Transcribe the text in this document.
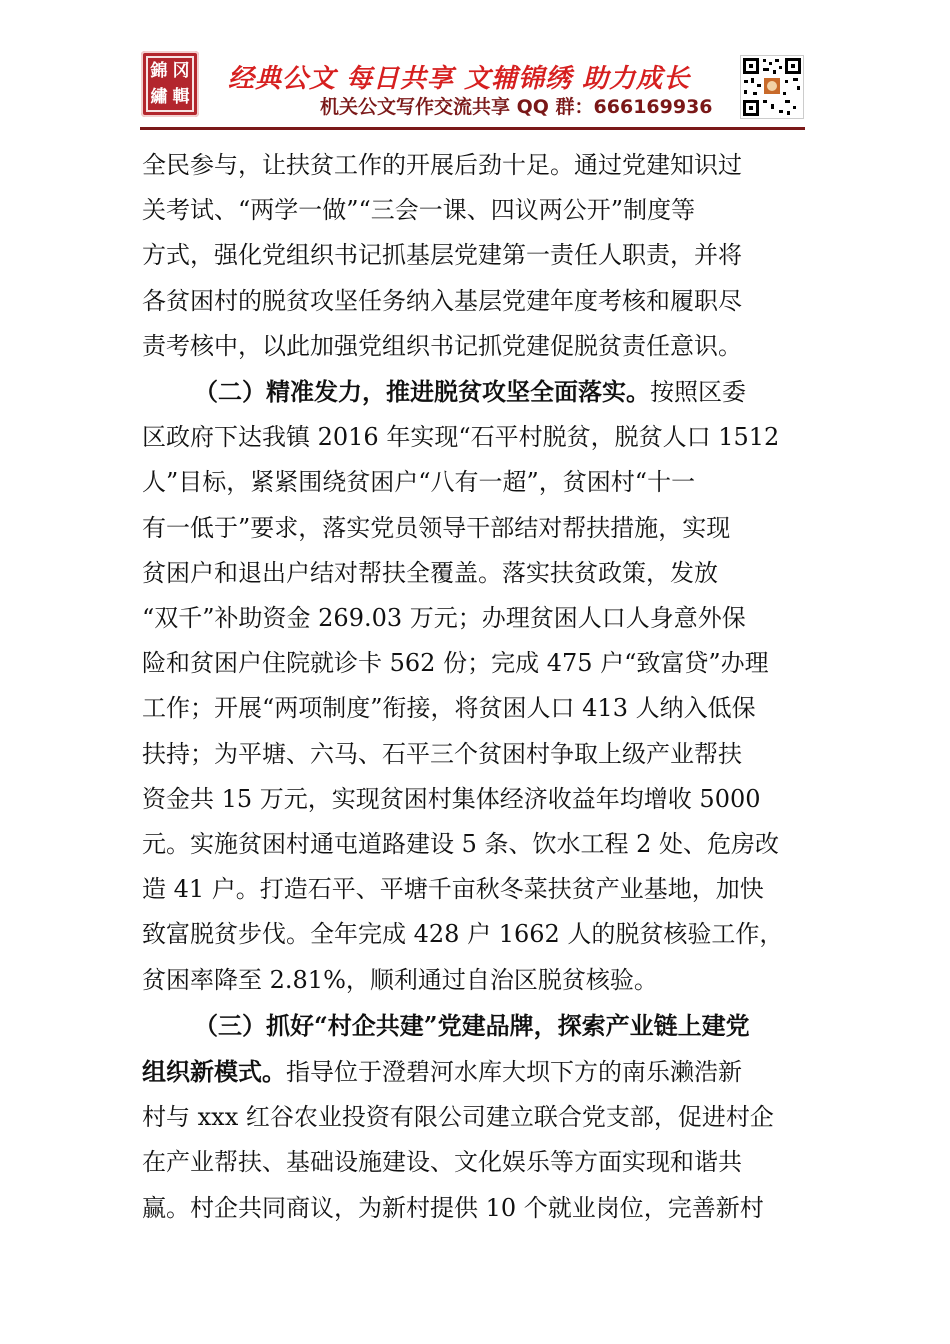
錦 冈
繡 輯
经典公文 每日共享 文辅锦绣 助力成长
机关公文写作交流共享 QQ 群：666169936
全民参与，让扶贫工作的开展后劲十足。通过党建知识过
关考试、“两学一做”“三会一课、四议两公开”制度等
方式，强化党组织书记抓基层党建第一责任人职责，并将
各贫困村的脱贫攻坚任务纳入基层党建年度考核和履职尽
责考核中，以此加强党组织书记抓党建促脱贫责任意识。
（二）精准发力，推进脱贫攻坚全面落实。按照区委
区政府下达我镇 2016 年实现“石平村脱贫，脱贫人口 1512
人”目标，紧紧围绕贫困户“八有一超”，贫困村“十一
有一低于”要求，落实党员领导干部结对帮扶措施，实现
贫困户和退出户结对帮扶全覆盖。落实扶贫政策，发放
“双千”补助资金 269.03 万元；办理贫困人口人身意外保
险和贫困户住院就诊卡 562 份；完成 475 户“致富贷”办理
工作；开展“两项制度”衔接，将贫困人口 413 人纳入低保
扶持；为平塘、六马、石平三个贫困村争取上级产业帮扶
资金共 15 万元，实现贫困村集体经济收益年均增收 5000
元。实施贫困村通屯道路建设 5 条、饮水工程 2 处、危房改
造 41 户。打造石平、平塘千亩秋冬菜扶贫产业基地，加快
致富脱贫步伐。全年完成 428 户 1662 人的脱贫核验工作，
贫困率降至 2.81%，顺利通过自治区脱贫核验。
（三）抓好“村企共建”党建品牌，探索产业链上建党
组织新模式。指导位于澄碧河水库大坝下方的南乐濑浩新
村与 xxx 红谷农业投资有限公司建立联合党支部，促进村企
在产业帮扶、基础设施建设、文化娱乐等方面实现和谐共
赢。村企共同商议，为新村提供 10 个就业岗位，完善新村
